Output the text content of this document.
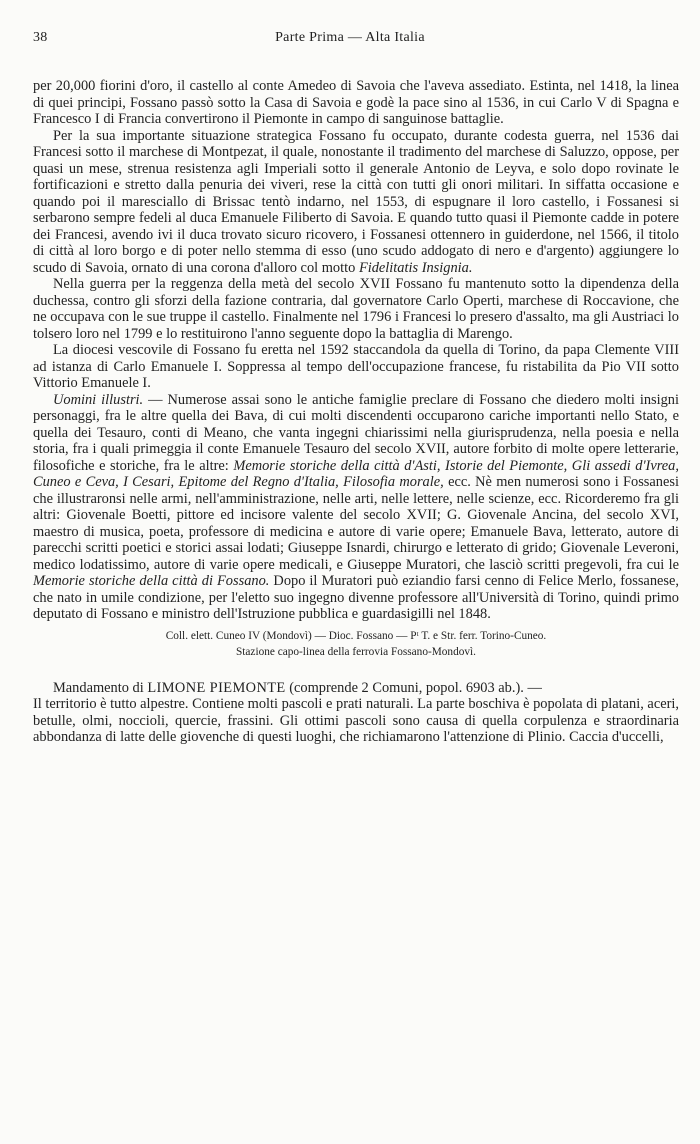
38	Parte Prima — Alta Italia

per 20,000 fiorini d'oro, il castello al conte Amedeo di Savoia che l'aveva assediato. Estinta, nel 1418, la linea di quei principi, Fossano passò sotto la Casa di Savoia e godè la pace sino al 1536, in cui Carlo V di Spagna e Francesco I di Francia convertirono il Piemonte in campo di sanguinose battaglie.

Per la sua importante situazione strategica Fossano fu occupato, durante codesta guerra, nel 1536 dai Francesi sotto il marchese di Montpezat, il quale, nonostante il tradimento del marchese di Saluzzo, oppose, per quasi un mese, strenua resistenza agli Imperiali sotto il generale Antonio de Leyva, e solo dopo rovinate le fortificazioni e stretto dalla penuria dei viveri, rese la città con tutti gli onori militari. In siffatta occasione e quando poi il maresciallo di Brissac tentò indarno, nel 1553, di espugnare il loro castello, i Fossanesi si serbarono sempre fedeli al duca Emanuele Filiberto di Savoia. E quando tutto quasi il Piemonte cadde in potere dei Francesi, avendo ivi il duca trovato sicuro ricovero, i Fossanesi ottennero in guiderdone, nel 1566, il titolo di città al loro borgo e di poter nello stemma di esso (uno scudo addogato di nero e d'argento) aggiungere lo scudo di Savoia, ornato di una corona d'alloro col motto Fidelitatis Insignia.

Nella guerra per la reggenza della metà del secolo XVII Fossano fu mantenuto sotto la dipendenza della duchessa, contro gli sforzi della fazione contraria, dal governatore Carlo Operti, marchese di Roccavione, che ne occupava con le sue truppe il castello. Finalmente nel 1796 i Francesi lo presero d'assalto, ma gli Austriaci lo tolsero loro nel 1799 e lo restituirono l'anno seguente dopo la battaglia di Marengo.

La diocesi vescovile di Fossano fu eretta nel 1592 staccandola da quella di Torino, da papa Clemente VIII ad istanza di Carlo Emanuele I. Soppressa al tempo dell'occupazione francese, fu ristabilita da Pio VII sotto Vittorio Emanuele I.

Uomini illustri. — Numerose assai sono le antiche famiglie preclare di Fossano che diedero molti insigni personaggi, fra le altre quella dei Bava, di cui molti discendenti occuparono cariche importanti nello Stato, e quella dei Tesauro, conti di Meano, che vanta ingegni chiarissimi nella giurisprudenza, nella poesia e nella storia, fra i quali primeggia il conte Emanuele Tesauro del secolo XVII, autore forbito di molte opere letterarie, filosofiche e storiche, fra le altre: Memorie storiche della città d'Asti, Istorie del Piemonte, Gli assedi d'Ivrea, Cuneo e Ceva, I Cesari, Epitome del Regno d'Italia, Filosofia morale, ecc. Nè men numerosi sono i Fossanesi che illustraronsi nelle armi, nell'amministrazione, nelle arti, nelle lettere, nelle scienze, ecc. Ricorderemo fra gli altri: Giovenale Boetti, pittore ed incisore valente del secolo XVII; G. Giovenale Ancina, del secolo XVI, maestro di musica, poeta, professore di medicina e autore di varie opere; Emanuele Bava, letterato, autore di parecchi scritti poetici e storici assai lodati; Giuseppe Isnardi, chirurgo e letterato di grido; Giovenale Leveroni, medico lodatissimo, autore di varie opere medicali, e Giuseppe Muratori, che lasciò scritti pregevoli, fra cui le Memorie storiche della città di Fossano. Dopo il Muratori può eziandio farsi cenno di Felice Merlo, fossanese, che nato in umile condizione, per l'eletto suo ingegno divenne professore all'Università di Torino, quindi primo deputato di Fossano e ministro dell'Istruzione pubblica e guardasigilli nel 1848.

Coll. elett. Cuneo IV (Mondovì) — Dioc. Fossano — Pᵗ T. e Str. ferr. Torino-Cuneo.
Stazione capo-linea della ferrovia Fossano-Mondovì.

Mandamento di LIMONE PIEMONTE (comprende 2 Comuni, popol. 6903 ab.). —

Il territorio è tutto alpestre. Contiene molti pascoli e prati naturali. La parte boschiva è popolata di platani, aceri, betulle, olmi, noccioli, quercie, frassini. Gli ottimi pascoli sono causa di quella corpulenza e straordinaria abbondanza di latte delle giovenche di questi luoghi, che richiamarono l'attenzione di Plinio. Caccia d'uccelli,
